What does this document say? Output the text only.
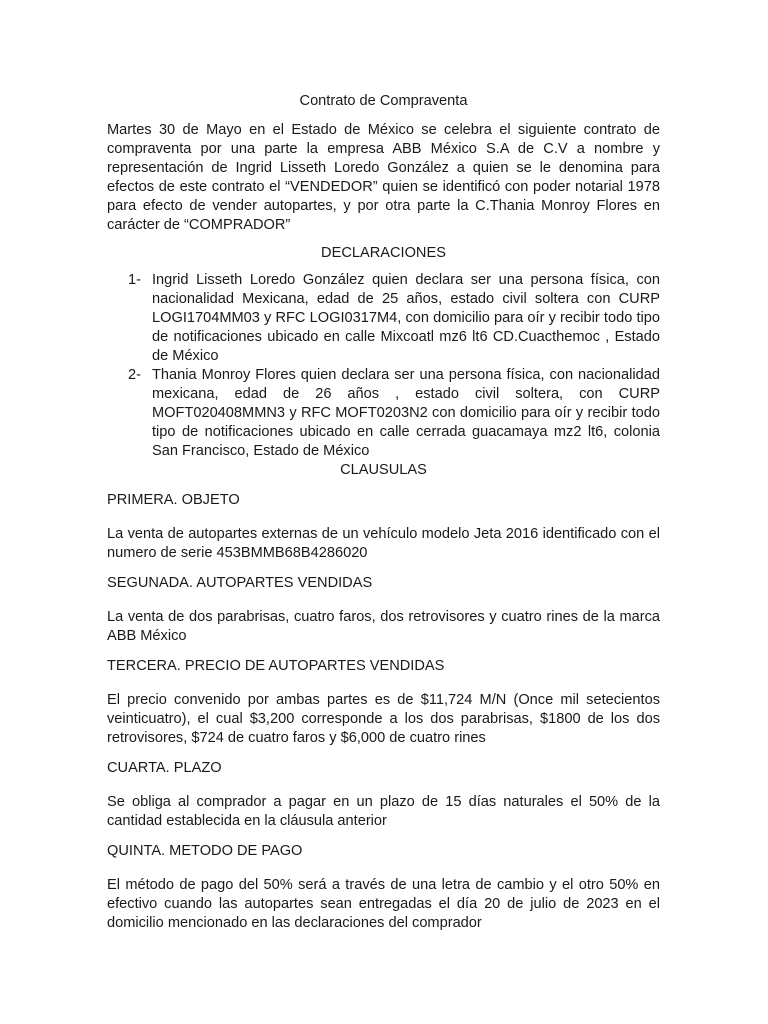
Contrato de Compraventa

Martes 30 de Mayo en el Estado de México se celebra el siguiente contrato de compraventa por una parte la empresa ABB México S.A de C.V a nombre y representación de Ingrid Lisseth Loredo González a quien se le denomina para efectos de este contrato el “VENDEDOR” quien se identificó con poder notarial 1978 para efecto de vender autopartes, y por otra parte la C.Thania Monroy Flores en carácter de “COMPRADOR”

DECLARACIONES

1- Ingrid Lisseth Loredo González quien declara ser una persona física, con nacionalidad Mexicana, edad de 25 años, estado civil soltera con CURP LOGI1704MM03 y RFC LOGI0317M4, con domicilio para oír y recibir todo tipo de notificaciones ubicado en calle Mixcoatl mz6 lt6 CD.Cuacthemoc , Estado de México
2- Thania Monroy Flores quien declara ser una persona física, con nacionalidad mexicana, edad de 26 años , estado civil soltera, con CURP MOFT020408MMN3 y RFC MOFT0203N2 con domicilio para oír y recibir todo tipo de notificaciones ubicado en calle cerrada guacamaya mz2 lt6, colonia San Francisco, Estado de México

CLAUSULAS

PRIMERA. OBJETO

La venta de autopartes externas de un vehículo modelo Jeta 2016 identificado con el numero de serie 453BMMB68B4286020

SEGUNADA. AUTOPARTES VENDIDAS

La venta de dos parabrisas, cuatro faros, dos retrovisores y cuatro rines de la marca ABB México

TERCERA. PRECIO DE AUTOPARTES VENDIDAS

El precio convenido por ambas partes es de $11,724 M/N (Once mil setecientos veinticuatro), el cual $3,200 corresponde a los dos parabrisas, $1800 de los dos retrovisores, $724 de cuatro faros y $6,000 de cuatro rines

CUARTA. PLAZO

Se obliga al comprador a pagar en un plazo de 15 días naturales el 50% de la cantidad establecida en la cláusula anterior

QUINTA. METODO DE PAGO

El método de pago del 50% será a través de una letra de cambio y el otro 50% en efectivo cuando las autopartes sean entregadas el día 20 de julio de 2023 en el domicilio mencionado en las declaraciones del comprador
